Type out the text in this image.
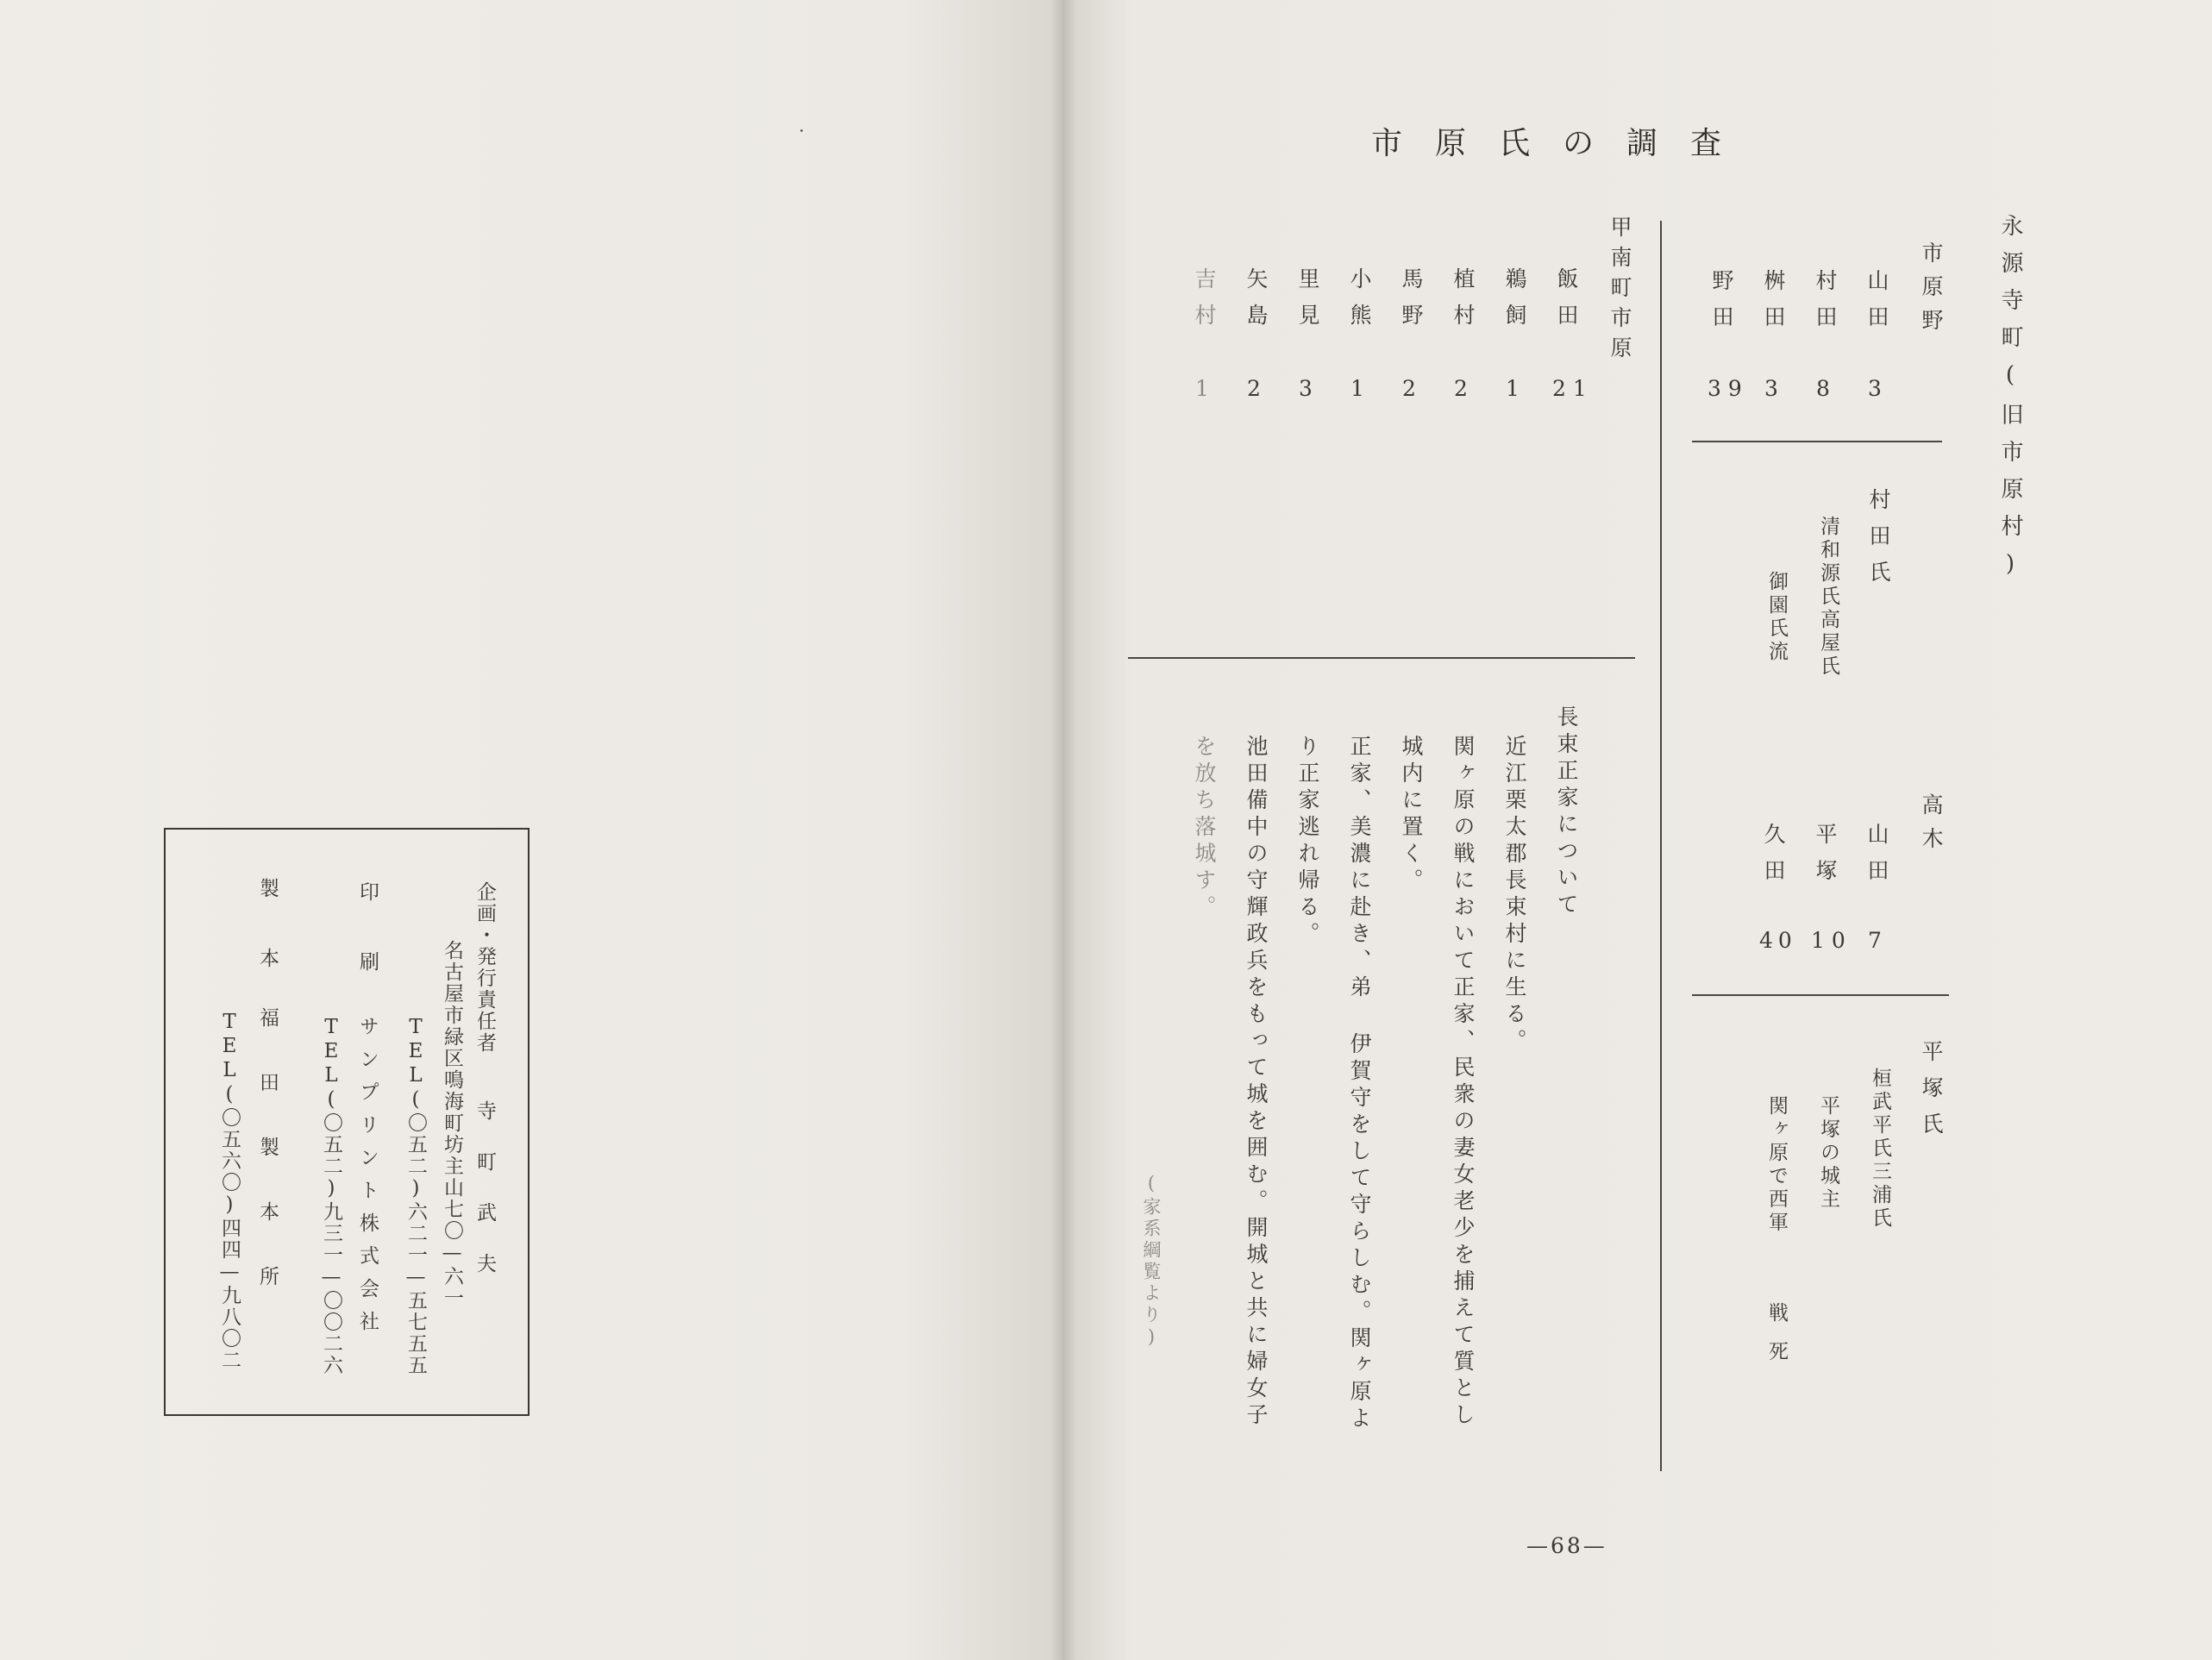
市原氏の調査
永源寺町(旧市原村)
市原野
山田
3
村田
8
桝田
3
野田
39
村田氏
清和源氏高屋氏
御園氏流
高木
山田
7
平塚
10
久田
40
平塚氏
桓武平氏三浦氏
平塚の城主
関ヶ原で西軍
戦死
甲南町市原
飯田
21
鵜飼
1
植村
2
馬野
2
小熊
1
里見
3
矢島
2
吉村
1
長束正家について
近江栗太郡長束村に生る。
関ヶ原の戦において正家、民衆の妻女老少を捕えて質とし
城内に置く。
正家、美濃に赴き、弟 伊賀守をして守らしむ。関ヶ原よ
り正家逃れ帰る。
池田備中の守輝政兵をもって城を囲む。開城と共に婦女子
を放ち落城す。
(家系綱覧より)
—68—
企画・発行責任者
寺町武夫
名古屋市緑区鳴海町坊主山七〇—六一
TEL(〇五二)六二一—五七五五
印刷
サンプリント株式会社
TEL(〇五二)九三一—〇〇二六
製本
福田製本所
TEL(〇五六〇)四四—九八〇二
